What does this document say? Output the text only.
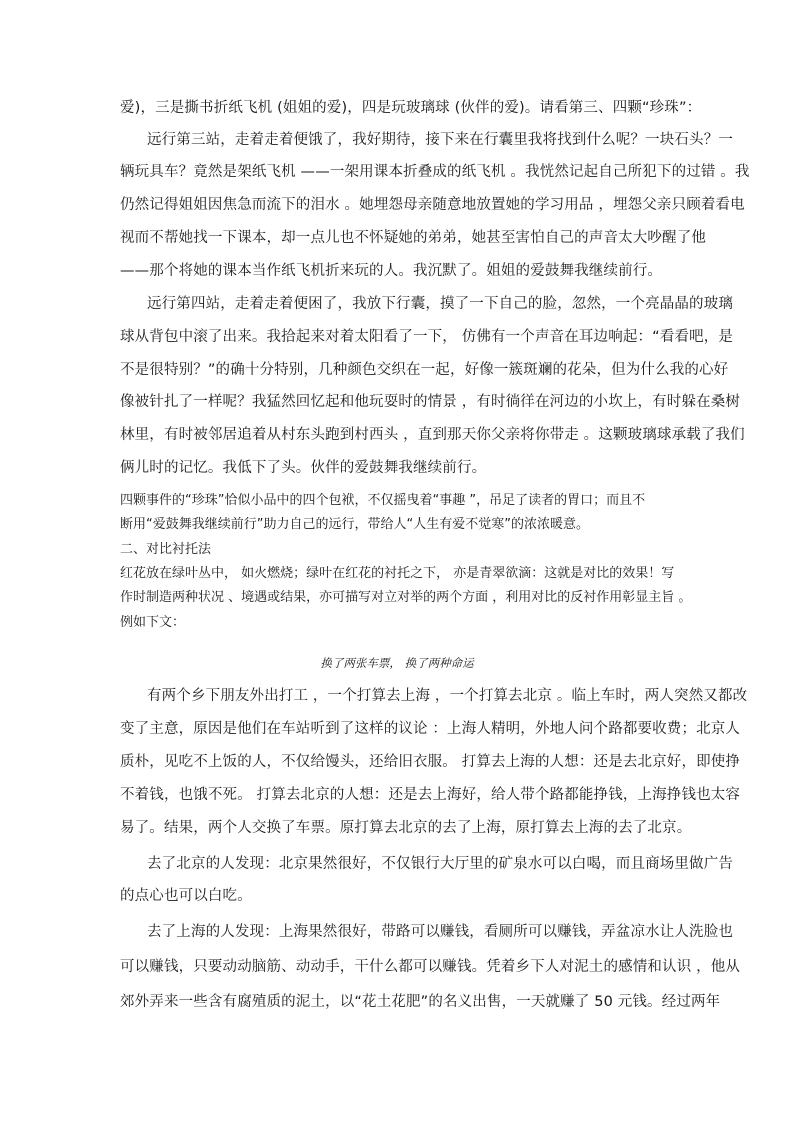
爱)，三是撕书折纸飞机 (姐姐的爱)，四是玩玻璃球 (伙伴的爱)。请看第三、四颗“珍珠”：
远行第三站，走着走着便饿了，我好期待，接下来在行囊里我将找到什么呢？一块石头？一
辆玩具车？竟然是架纸飞机 ——一架用课本折叠成的纸飞机 。我恍然记起自己所犯下的过错 。我
仍然记得姐姐因焦急而流下的泪水 。她埋怨母亲随意地放置她的学习用品 ，埋怨父亲只顾着看电
视而不帮她找一下课本，却一点儿也不怀疑她的弟弟，她甚至害怕自己的声音太大吵醒了他
——那个将她的课本当作纸飞机折来玩的人。我沉默了。姐姐的爱鼓舞我继续前行。
远行第四站，走着走着便困了，我放下行囊，摸了一下自己的脸，忽然，一个亮晶晶的玻璃
球从背包中滚了出来。我拾起来对着太阳看了一下， 仿佛有一个声音在耳边响起：“看看吧，是
不是很特别？”的确十分特别，几种颜色交织在一起，好像一簇斑斓的花朵，但为什么我的心好
像被针扎了一样呢？我猛然回忆起和他玩耍时的情景 ，有时徜徉在河边的小坎上，有时躲在桑树
林里，有时被邻居追着从村东头跑到村西头 ，直到那天你父亲将你带走 。这颗玻璃球承载了我们
俩儿时的记忆。我低下了头。伙伴的爱鼓舞我继续前行。
四颗事件的“珍珠”恰似小品中的四个包袱，不仅摇曳着“事趣 ”，吊足了读者的胃口；而且不
断用“爱鼓舞我继续前行”助力自己的远行，带给人“人生有爱不觉寒”的浓浓暖意。
二、对比衬托法
红花放在绿叶丛中， 如火燃烧；绿叶在红花的衬托之下， 亦是青翠欲滴：这就是对比的效果！写
作时制造两种状况 、境遇或结果，亦可描写对立对举的两个方面 ，利用对比的反衬作用彰显主旨 。
例如下文：
换了两张车票， 换了两种命运
有两个乡下朋友外出打工 ，一个打算去上海 ，一个打算去北京 。临上车时，两人突然又都改
变了主意，原因是他们在车站听到了这样的议论 ：上海人精明，外地人问个路都要收费；北京人
质朴，见吃不上饭的人，不仅给馒头，还给旧衣服。 打算去上海的人想：还是去北京好，即使挣
不着钱，也饿不死。 打算去北京的人想：还是去上海好，给人带个路都能挣钱，上海挣钱也太容
易了。结果，两个人交换了车票。原打算去北京的去了上海，原打算去上海的去了北京。
去了北京的人发现：北京果然很好，不仅银行大厅里的矿泉水可以白喝，而且商场里做广告
的点心也可以白吃。
去了上海的人发现：上海果然很好，带路可以赚钱，看厕所可以赚钱，弄盆凉水让人洗脸也
可以赚钱，只要动动脑筋、动动手，干什么都可以赚钱。凭着乡下人对泥土的感情和认识 ，他从
郊外弄来一些含有腐殖质的泥土，以“花土花肥”的名义出售，一天就赚了 50 元钱。经过两年
